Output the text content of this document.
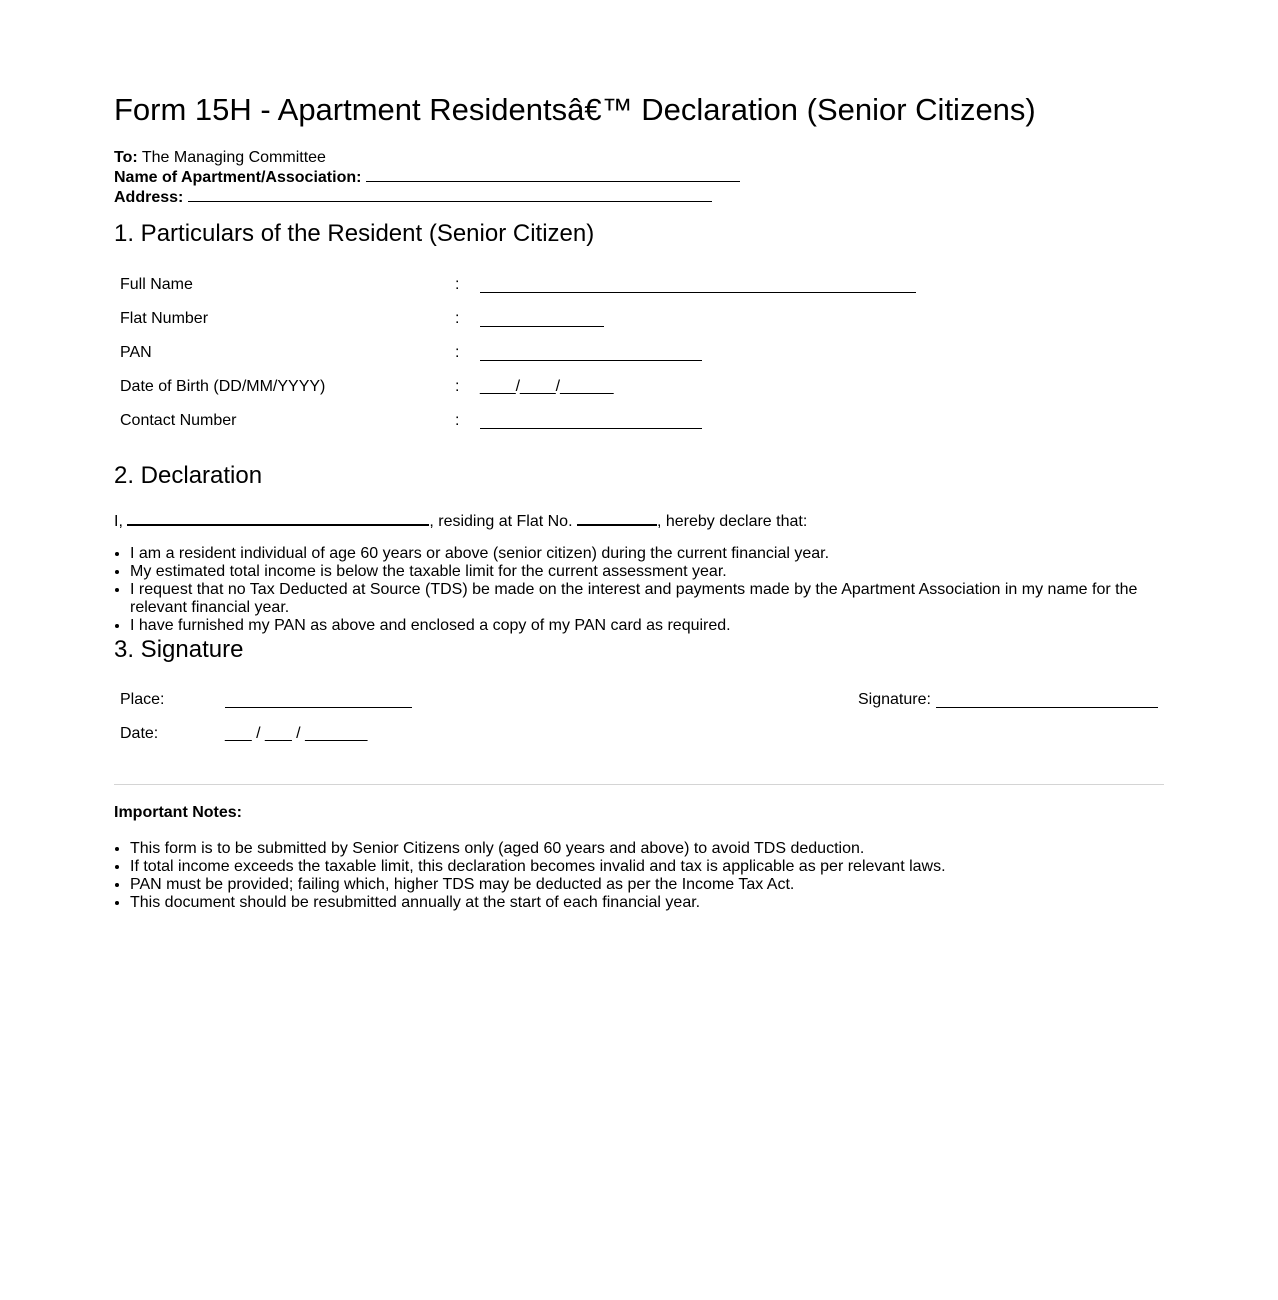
Form 15H - Apartment Residentsâ€™ Declaration (Senior Citizens)
To: The Managing Committee
Name of Apartment/Association:
Address:
1. Particulars of the Resident (Senior Citizen)
Full Name	:
Flat Number	:
PAN	:
Date of Birth (DD/MM/YYYY)	: ____/____/______
Contact Number	:
2. Declaration
I,	, residing at Flat No.	, hereby declare that:
• I am a resident individual of age 60 years or above (senior citizen) during the current financial year.
• My estimated total income is below the taxable limit for the current assessment year.
• I request that no Tax Deducted at Source (TDS) be made on the interest and payments made by the Apartment Association in my name for the relevant financial year.
• I have furnished my PAN as above and enclosed a copy of my PAN card as required.
3. Signature
Place:
Date:	___ / ___ / _______
Signature:
Important Notes:
• This form is to be submitted by Senior Citizens only (aged 60 years and above) to avoid TDS deduction.
• If total income exceeds the taxable limit, this declaration becomes invalid and tax is applicable as per relevant laws.
• PAN must be provided; failing which, higher TDS may be deducted as per the Income Tax Act.
• This document should be resubmitted annually at the start of each financial year.
